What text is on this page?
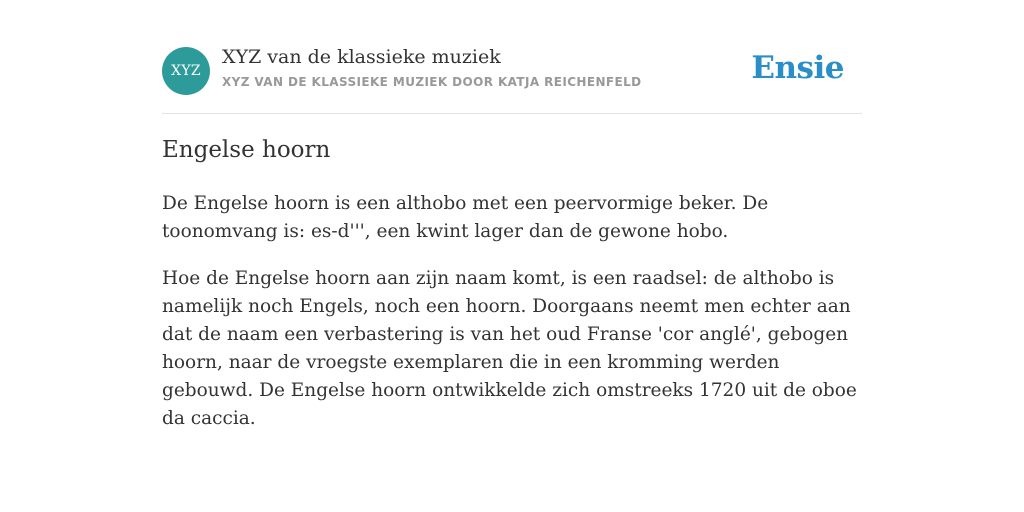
XYZ
XYZ van de klassieke muziek
XYZ VAN DE KLASSIEKE MUZIEK DOOR KATJA REICHENFELD	Ensie
Engelse hoorn

De Engelse hoorn is een althobo met een peervormige beker. De toonomvang is: es-d''', een kwint lager dan de gewone hobo.

Hoe de Engelse hoorn aan zijn naam komt, is een raadsel: de althobo is namelijk noch Engels, noch een hoorn. Doorgaans neemt men echter aan dat de naam een verbastering is van het oud Franse 'cor anglé', gebogen hoorn, naar de vroegste exemplaren die in een kromming werden gebouwd. De Engelse hoorn ontwikkelde zich omstreeks 1720 uit de oboe da caccia.
